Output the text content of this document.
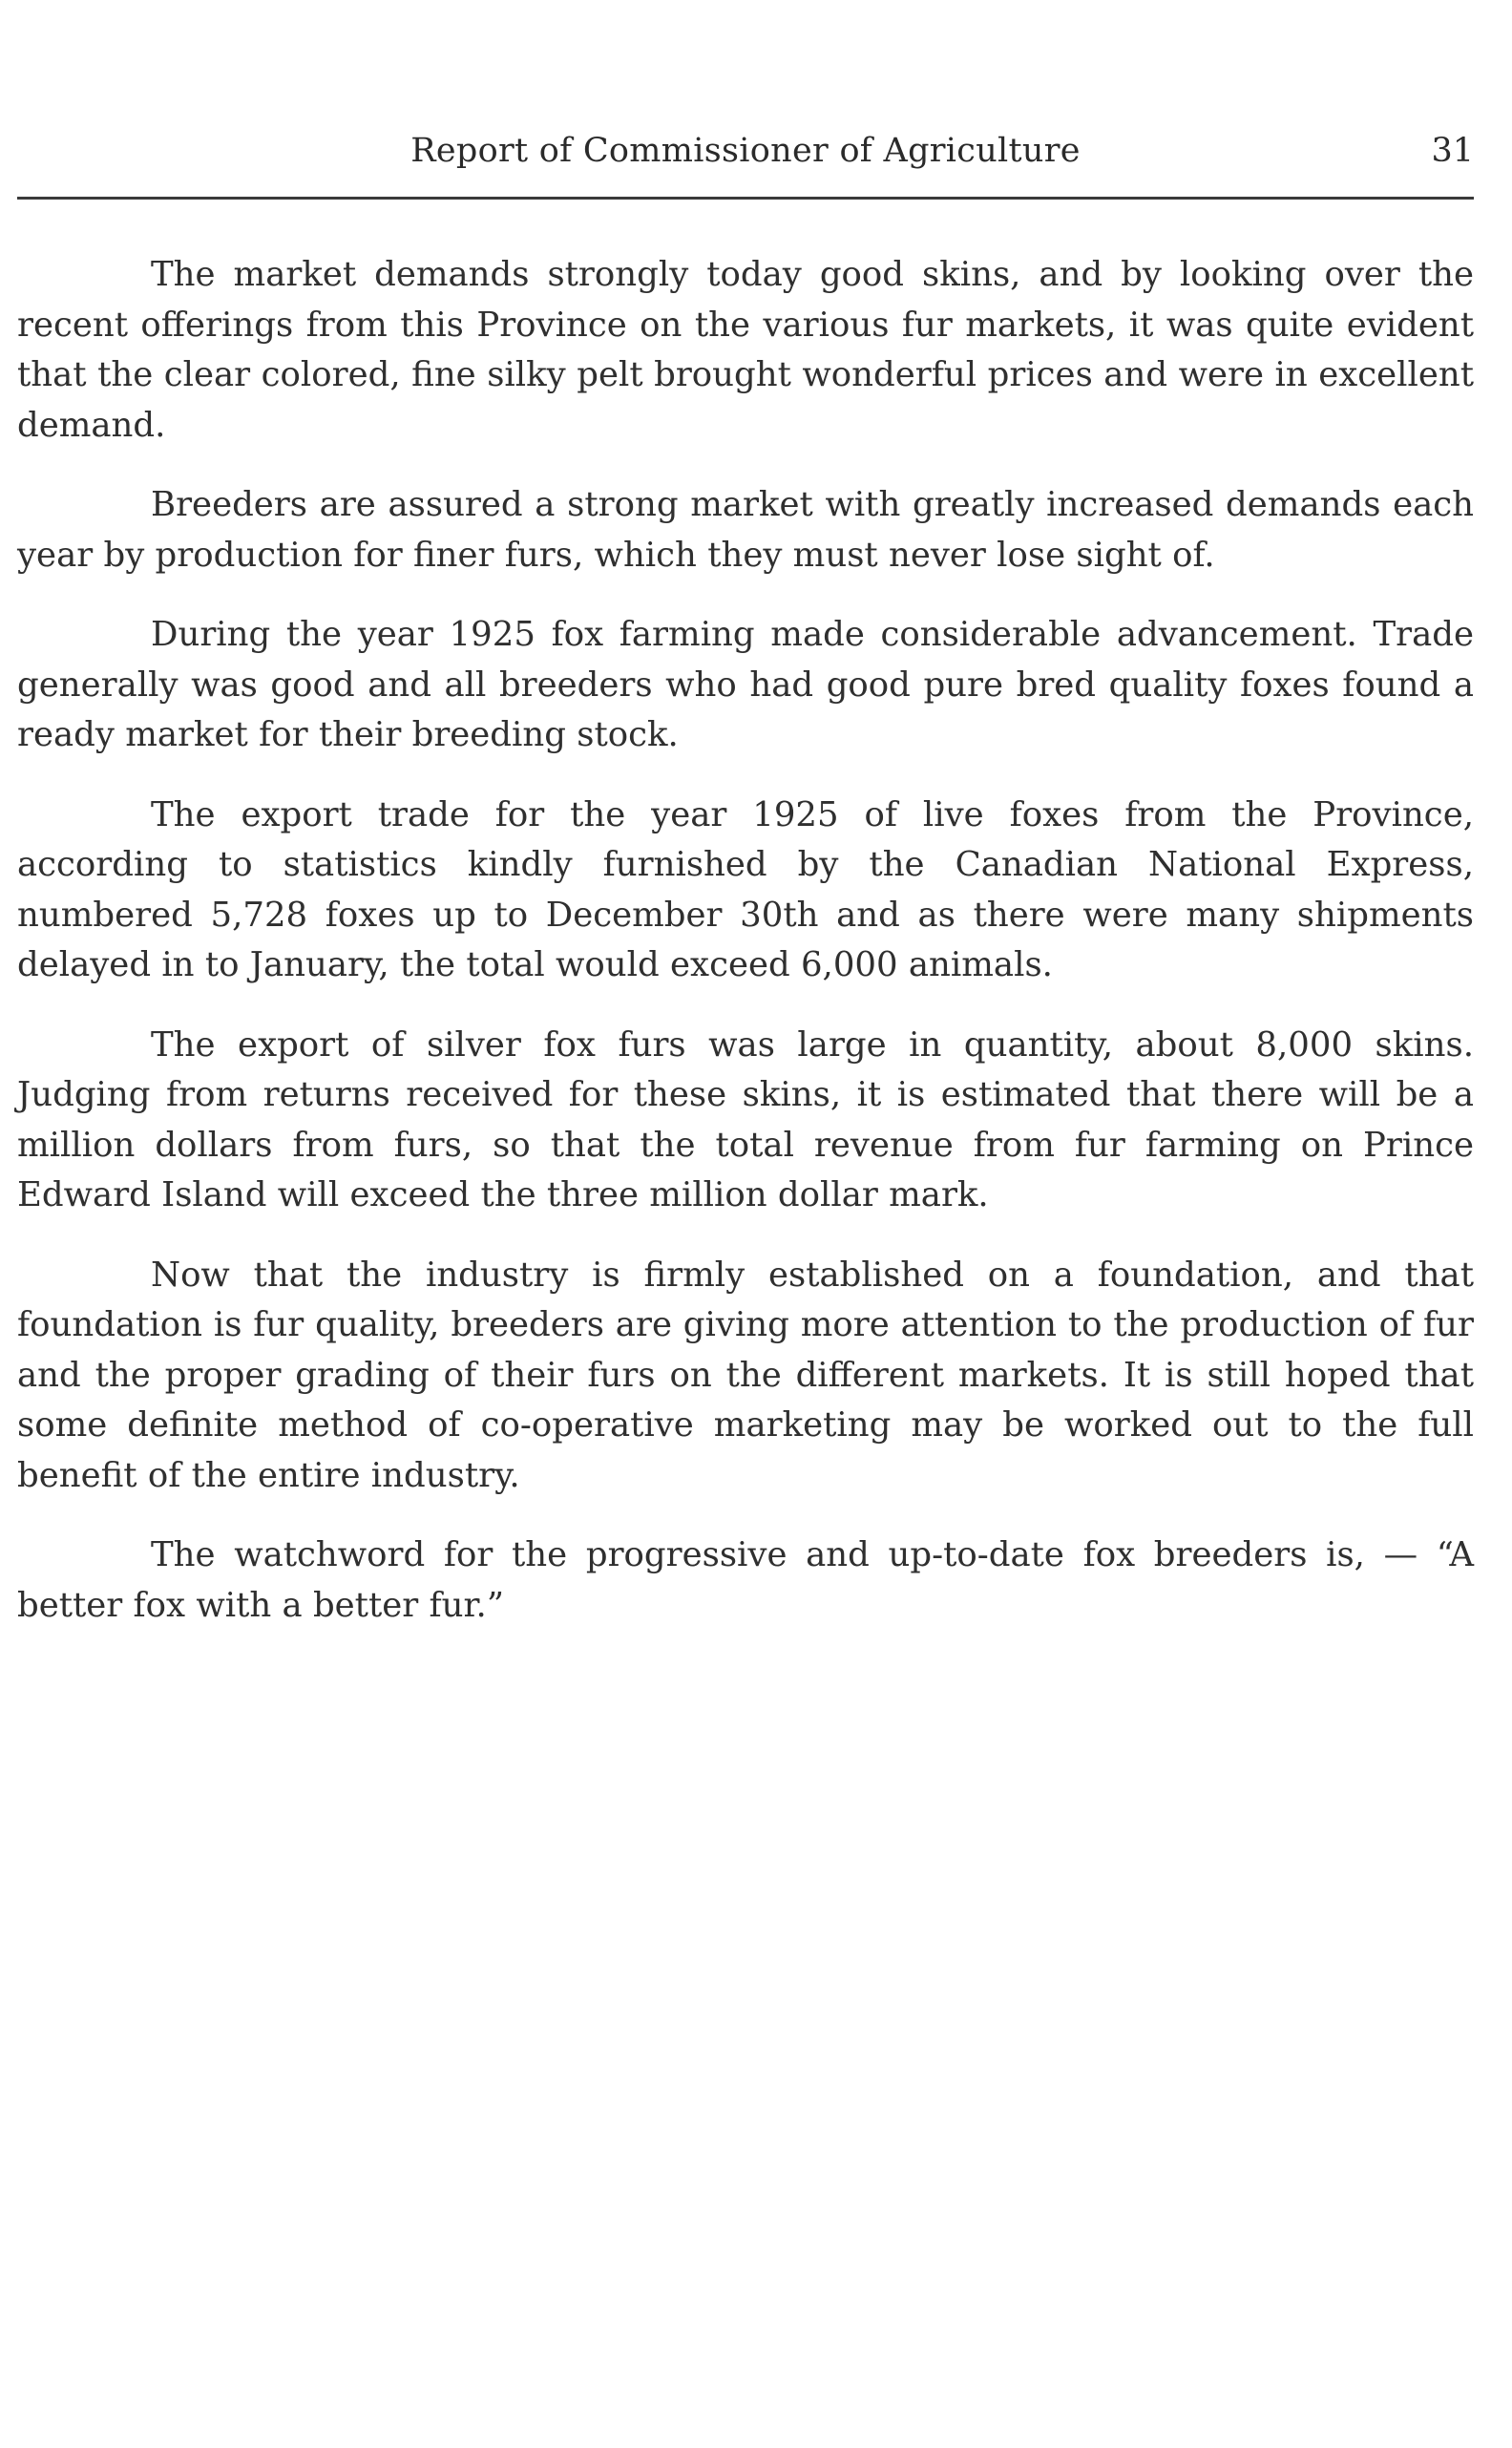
Report of Commissioner of Agriculture	31

The market demands strongly today good skins, and by looking over the recent offerings from this Province on the various fur markets, it was quite evident that the clear colored, fine silky pelt brought wonderful prices and were in excellent demand.

Breeders are assured a strong market with greatly increased demands each year by production for finer furs, which they must never lose sight of.

During the year 1925 fox farming made considerable advancement. Trade generally was good and all breeders who had good pure bred quality foxes found a ready market for their breeding stock.

The export trade for the year 1925 of live foxes from the Province, according to statistics kindly furnished by the Canadian National Express, numbered 5,728 foxes up to December 30th and as there were many shipments delayed in to January, the total would exceed 6,000 animals.

The export of silver fox furs was large in quantity, about 8,000 skins. Judging from returns received for these skins, it is estimated that there will be a million dollars from furs, so that the total revenue from fur farming on Prince Edward Island will exceed the three million dollar mark.

Now that the industry is firmly established on a foundation, and that foundation is fur quality, breeders are giving more attention to the production of fur and the proper grading of their furs on the different markets. It is still hoped that some definite method of co-operative marketing may be worked out to the full benefit of the entire industry.

The watchword for the progressive and up-to-date fox breeders is, — “A better fox with a better fur.”
